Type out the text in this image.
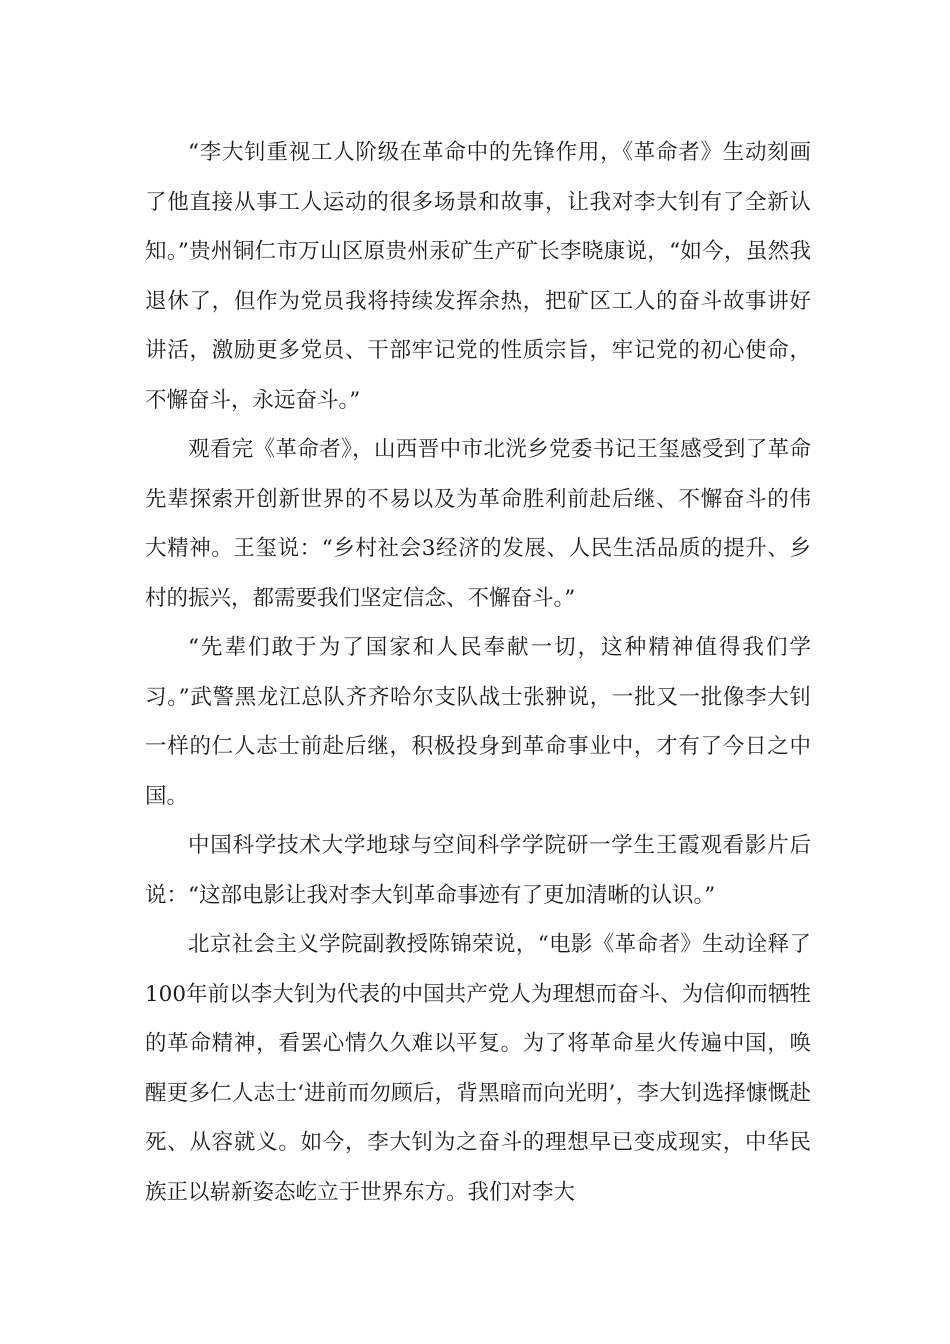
“李大钊重视工人阶级在革命中的先锋作用，《革命者》生动刻画了他直接从事工人运动的很多场景和故事，让我对李大钊有了全新认知。”贵州铜仁市万山区原贵州汞矿生产矿长李晓康说，“如今，虽然我退休了，但作为党员我将持续发挥余热，把矿区工人的奋斗故事讲好讲活，激励更多党员、干部牢记党的性质宗旨，牢记党的初心使命，不懈奋斗，永远奋斗。”

观看完《革命者》，山西晋中市北洸乡党委书记王玺感受到了革命先辈探索开创新世界的不易以及为革命胜利前赴后继、不懈奋斗的伟大精神。王玺说：“乡村社会3经济的发展、人民生活品质的提升、乡村的振兴，都需要我们坚定信念、不懈奋斗。”

“先辈们敢于为了国家和人民奉献一切，这种精神值得我们学习。”武警黑龙江总队齐齐哈尔支队战士张翀说，一批又一批像李大钊一样的仁人志士前赴后继，积极投身到革命事业中，才有了今日之中国。

中国科学技术大学地球与空间科学学院研一学生王霞观看影片后说：“这部电影让我对李大钊革命事迹有了更加清晰的认识。”

北京社会主义学院副教授陈锦荣说，“电影《革命者》生动诠释了100年前以李大钊为代表的中国共产党人为理想而奋斗、为信仰而牺牲的革命精神，看罢心情久久难以平复。为了将革命星火传遍中国，唤醒更多仁人志士‘进前而勿顾后，背黑暗而向光明’，李大钊选择慷慨赴死、从容就义。如今，李大钊为之奋斗的理想早已变成现实，中华民族正以崭新姿态屹立于世界东方。我们对李大
